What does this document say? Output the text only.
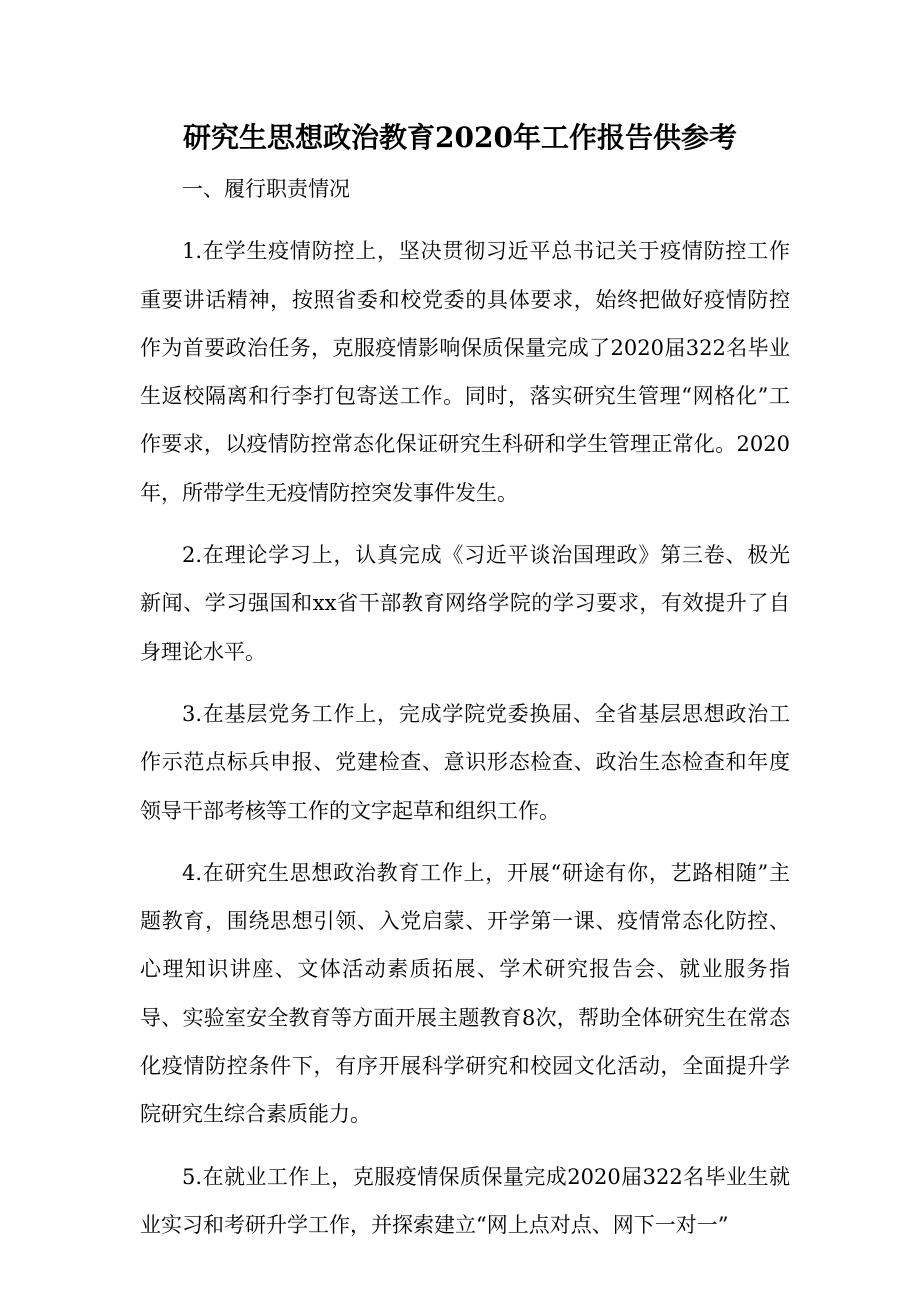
研究生思想政治教育2020年工作报告供参考

一、履行职责情况

1.在学生疫情防控上，坚决贯彻习近平总书记关于疫情防控工作重要讲话精神，按照省委和校党委的具体要求，始终把做好疫情防控作为首要政治任务，克服疫情影响保质保量完成了2020届322名毕业生返校隔离和行李打包寄送工作。同时，落实研究生管理“网格化”工作要求，以疫情防控常态化保证研究生科研和学生管理正常化。2020年，所带学生无疫情防控突发事件发生。

2.在理论学习上，认真完成《习近平谈治国理政》第三卷、极光新闻、学习强国和xx省干部教育网络学院的学习要求，有效提升了自身理论水平。

3.在基层党务工作上，完成学院党委换届、全省基层思想政治工作示范点标兵申报、党建检查、意识形态检查、政治生态检查和年度领导干部考核等工作的文字起草和组织工作。

4.在研究生思想政治教育工作上，开展“研途有你，艺路相随”主题教育，围绕思想引领、入党启蒙、开学第一课、疫情常态化防控、心理知识讲座、文体活动素质拓展、学术研究报告会、就业服务指导、实验室安全教育等方面开展主题教育8次，帮助全体研究生在常态化疫情防控条件下，有序开展科学研究和校园文化活动，全面提升学院研究生综合素质能力。

5.在就业工作上，克服疫情保质保量完成2020届322名毕业生就业实习和考研升学工作，并探索建立“网上点对点、网下一对一”
